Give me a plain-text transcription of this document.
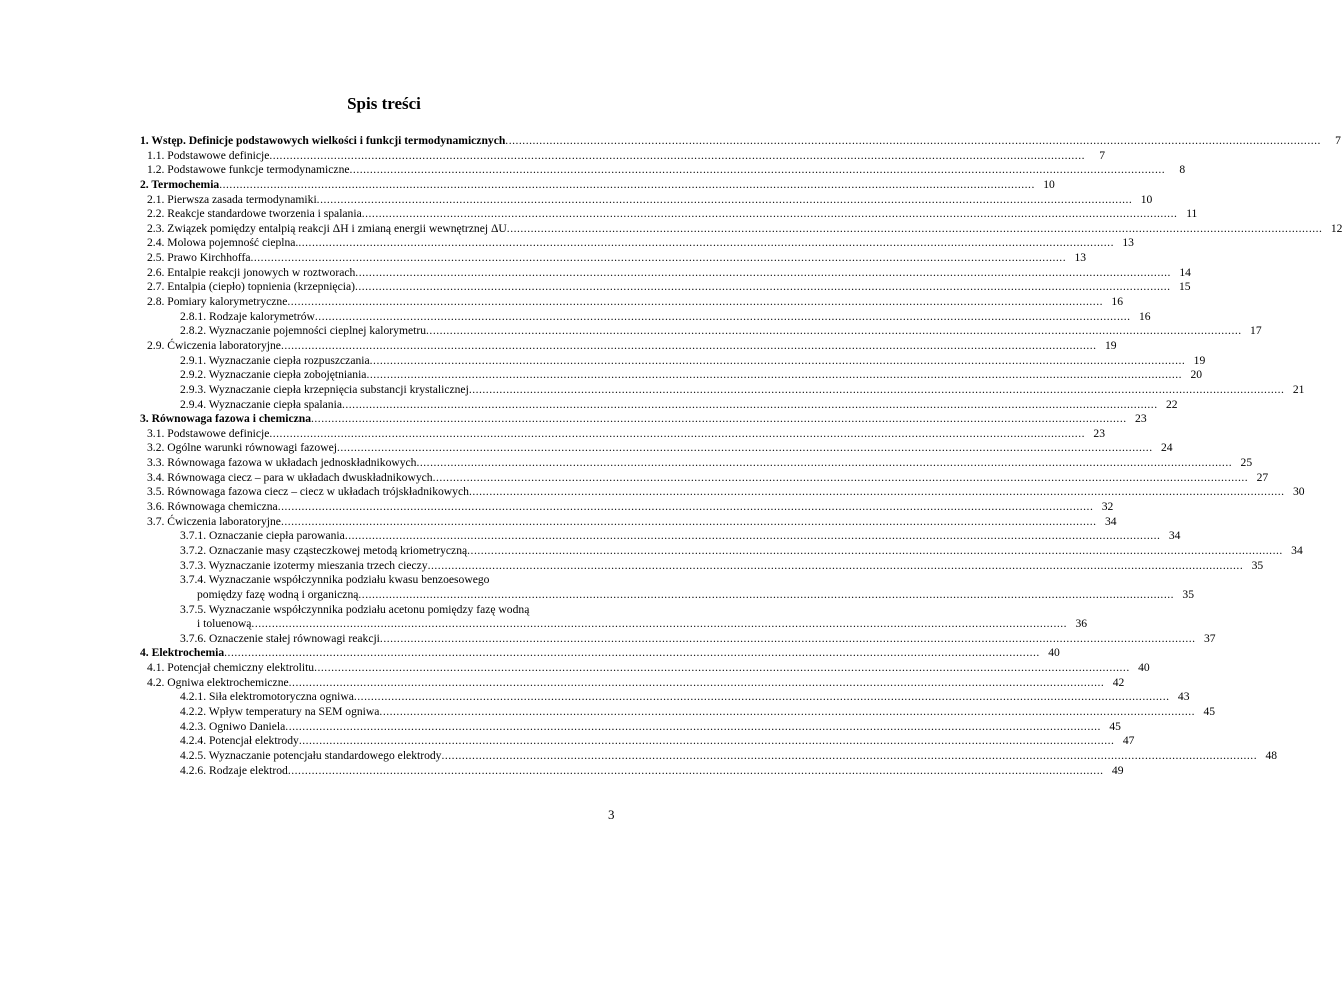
Spis treści
1. Wstęp. Definicje podstawowych wielkości i funkcji termodynamicznych .....	7
1.1. Podstawowe definicje .....	7
1.2. Podstawowe funkcje termodynamiczne .....	8
2. Termochemia .....	10
2.1. Pierwsza zasada termodynamiki .....	10
2.2. Reakcje standardowe tworzenia i spalania .....	11
2.3. Związek pomiędzy entalpią reakcji ΔH i zmianą energii wewnętrznej ΔU .....	12
2.4. Molowa pojemność cieplna. .....	13
2.5. Prawo Kirchhoffa .....	13
2.6. Entalpie reakcji jonowych w roztworach .....	14
2.7. Entalpia (ciepło) topnienia (krzepnięcia) .....	15
2.8. Pomiary kalorymetryczne .....	16
2.8.1. Rodzaje kalorymetrów .....	16
2.8.2. Wyznaczanie pojemności cieplnej kalorymetru .....	17
2.9. Ćwiczenia laboratoryjne .....	19
2.9.1. Wyznaczanie ciepła rozpuszczania .....	19
2.9.2. Wyznaczanie ciepła zobojętniania .....	20
2.9.3. Wyznaczanie ciepła krzepnięcia substancji krystalicznej .....	21
2.9.4. Wyznaczanie ciepła spalania .....	22
3. Równowaga fazowa i chemiczna .....	23
3.1. Podstawowe definicje .....	23
3.2. Ogólne warunki równowagi fazowej .....	24
3.3. Równowaga fazowa w układach jednoskładnikowych .....	25
3.4. Równowaga ciecz – para w układach dwuskładnikowych .....	27
3.5. Równowaga fazowa ciecz – ciecz w układach trójskładnikowych .....	30
3.6. Równowaga chemiczna .....	32
3.7. Ćwiczenia laboratoryjne .....	34
3.7.1. Oznaczanie ciepła parowania .....	34
3.7.2. Oznaczanie masy cząsteczkowej metodą kriometryczną .....	34
3.7.3. Wyznaczanie izotermy mieszania trzech cieczy .....	35
3.7.4. Wyznaczanie współczynnika podziału kwasu benzoesowego
pomiędzy fazę wodną i organiczną .....	35
3.7.5. Wyznaczanie współczynnika podziału acetonu pomiędzy fazę wodną
i toluenową .....	36
3.7.6. Oznaczenie stałej równowagi reakcji .....	37
4. Elektrochemia .....	40
4.1. Potencjał chemiczny elektrolitu .....	40
4.2. Ogniwa elektrochemiczne .....	42
4.2.1. Siła elektromotoryczna ogniwa .....	43
4.2.2. Wpływ temperatury na SEM ogniwa .....	45
4.2.3. Ogniwo Daniela .....	45
4.2.4. Potencjał elektrody .....	47
4.2.5. Wyznaczanie potencjału standardowego elektrody .....	48
4.2.6. Rodzaje elektrod .....	49
3
